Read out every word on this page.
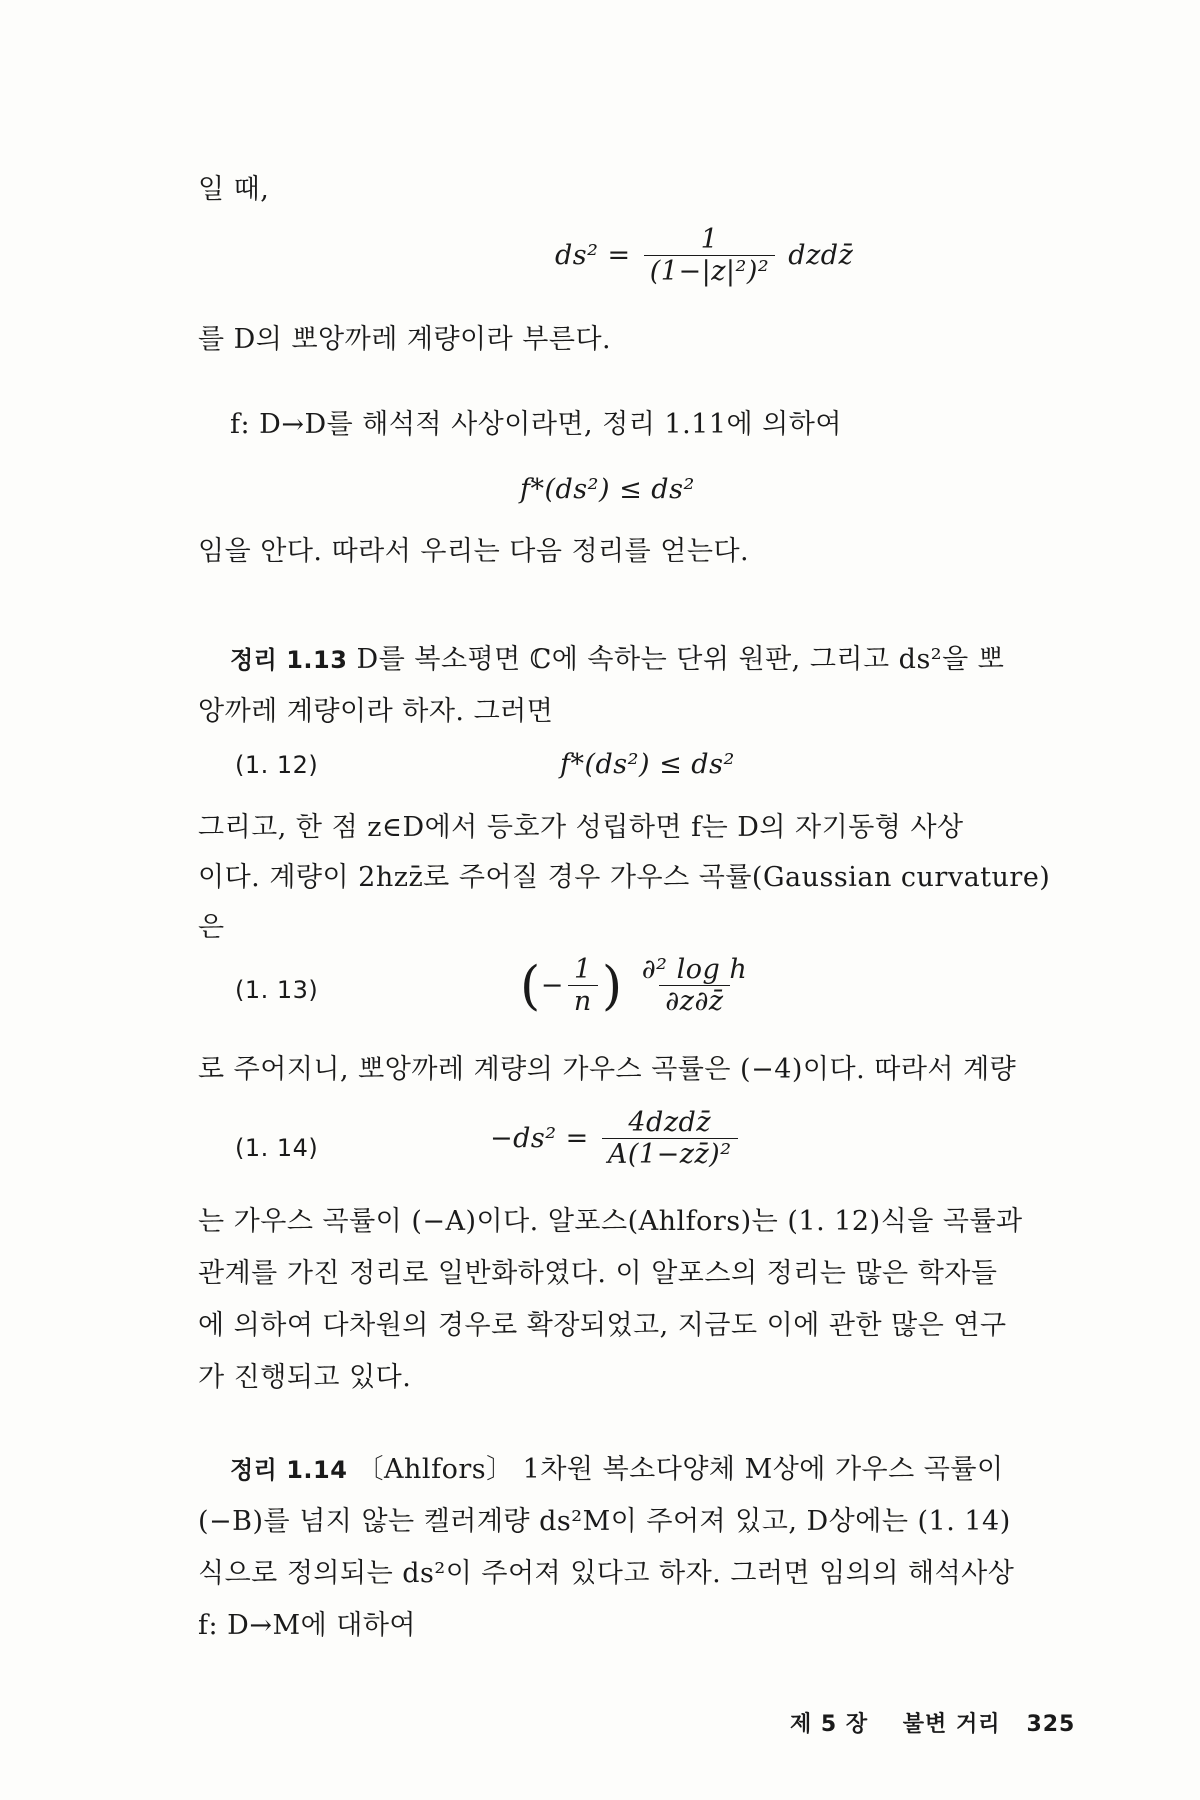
일 때,
$ds^2 = \frac{1}{\text{(1−|z|²)²}}$ dzdz̄
를 D의 뽀앙까레 계량이라 부른다.
f: D→D를 해석적 사상이라면, 정리 1.11에 의하여
f*(ds²) ≤ ds²
임을 안다. 따라서 우리는 다음 정리를 얻는다.
정리 1.13 D를 복소평면 ℂ에 속하는 단위 원판, 그리고 ds²을 뽀
앙까레 계량이라 하자. 그러면
(1. 12)	f*(ds²) ≤ ds²
그리고, 한 점 z∈D에서 등호가 성립하면 f는 D의 자기동형 사상
이다. 계량이 2hzz̄로 주어질 경우 가우스 곡률(Gaussian curvature)
은
(1. 13)	(− $\frac{1}{n}$ ) $\frac{\text{∂² log h}}{\partial z\partial z̄}$
로 주어지니, 뽀앙까레 계량의 가우스 곡률은 (−4)이다. 따라서 계량
(1. 14)	$-ds^2 = \frac{\text{4dzdz̄}}{\text{A(1−zz̄)²}}$
는 가우스 곡률이 (−A)이다. 알포스(Ahlfors)는 (1. 12)식을 곡률과
관계를 가진 정리로 일반화하였다. 이 알포스의 정리는 많은 학자들
에 의하여 다차원의 경우로 확장되었고, 지금도 이에 관한 많은 연구
가 진행되고 있다.
정리 1.14 〔Ahlfors〕 1차원 복소다양체 M상에 가우스 곡률이
(−B)를 넘지 않는 켈러계량 ds²M이 주어져 있고, D상에는 (1. 14)
식으로 정의되는 ds²이 주어져 있다고 하자. 그러면 임의의 해석사상
f: D→M에 대하여
제 5 장 불변 거리 325
